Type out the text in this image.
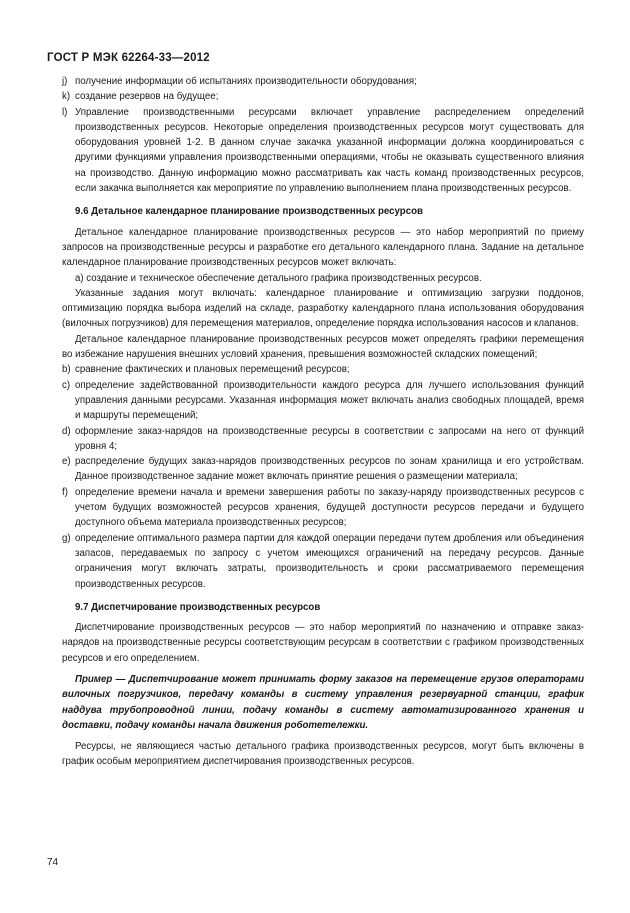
ГОСТ Р МЭК 62264-33—2012
j) получение информации об испытаниях производительности оборудования;
k) создание резервов на будущее;
l) Управление производственными ресурсами включает управление распределением определений производственных ресурсов. Некоторые определения производственных ресурсов могут существовать для оборудования уровней 1-2. В данном случае закачка указанной информации должна координироваться с другими функциями управления производственными операциями, чтобы не оказывать существенного влияния на производство. Данную информацию можно рассматривать как часть команд производственных ресурсов, если закачка выполняется как мероприятие по управлению выполнением плана производственных ресурсов.
9.6 Детальное календарное планирование производственных ресурсов
Детальное календарное планирование производственных ресурсов — это набор мероприятий по приему запросов на производственные ресурсы и разработке его детального календарного плана. Задание на детальное календарное планирование производственных ресурсов может включать:
а) создание и техническое обеспечение детального графика производственных ресурсов.
Указанные задания могут включать: календарное планирование и оптимизацию загрузки поддонов, оптимизацию порядка выбора изделий на складе, разработку календарного плана использования оборудования (вилочных погрузчиков) для перемещения материалов, определение порядка использования насосов и клапанов.
Детальное календарное планирование производственных ресурсов может определять графики перемещения во избежание нарушения внешних условий хранения, превышения возможностей складских помещений;
b) сравнение фактических и плановых перемещений ресурсов;
c) определение задействованной производительности каждого ресурса для лучшего использования функций управления данными ресурсами. Указанная информация может включать анализ свободных площадей, время и маршруты перемещений;
d) оформление заказ-нарядов на производственные ресурсы в соответствии с запросами на него от функций уровня 4;
e) распределение будущих заказ-нарядов производственных ресурсов по зонам хранилища и его устройствам. Данное производственное задание может включать принятие решения о размещении материала;
f) определение времени начала и времени завершения работы по заказу-наряду производственных ресурсов с учетом будущих возможностей ресурсов хранения, будущей доступности ресурсов передачи и будущего доступного объема материала производственных ресурсов;
g) определение оптимального размера партии для каждой операции передачи путем дробления или объединения запасов, передаваемых по запросу с учетом имеющихся ограничений на передачу ресурсов. Данные ограничения могут включать затраты, производительность и сроки рассматриваемого перемещения производственных ресурсов.
9.7 Диспетчирование производственных ресурсов
Диспетчирование производственных ресурсов — это набор мероприятий по назначению и отправке заказ-нарядов на производственные ресурсы соответствующим ресурсам в соответствии с графиком производственных ресурсов и его определением.
Пример — Диспетчирование может принимать форму заказов на перемещение грузов операторами вилочных погрузчиков, передачу команды в систему управления резервуарной станции, график наддува трубопроводной линии, подачу команды в систему автоматизированного хранения и доставки, подачу команды начала движения роботетележки.
Ресурсы, не являющиеся частью детального графика производственных ресурсов, могут быть включены в график особым мероприятием диспетчирования производственных ресурсов.
74
